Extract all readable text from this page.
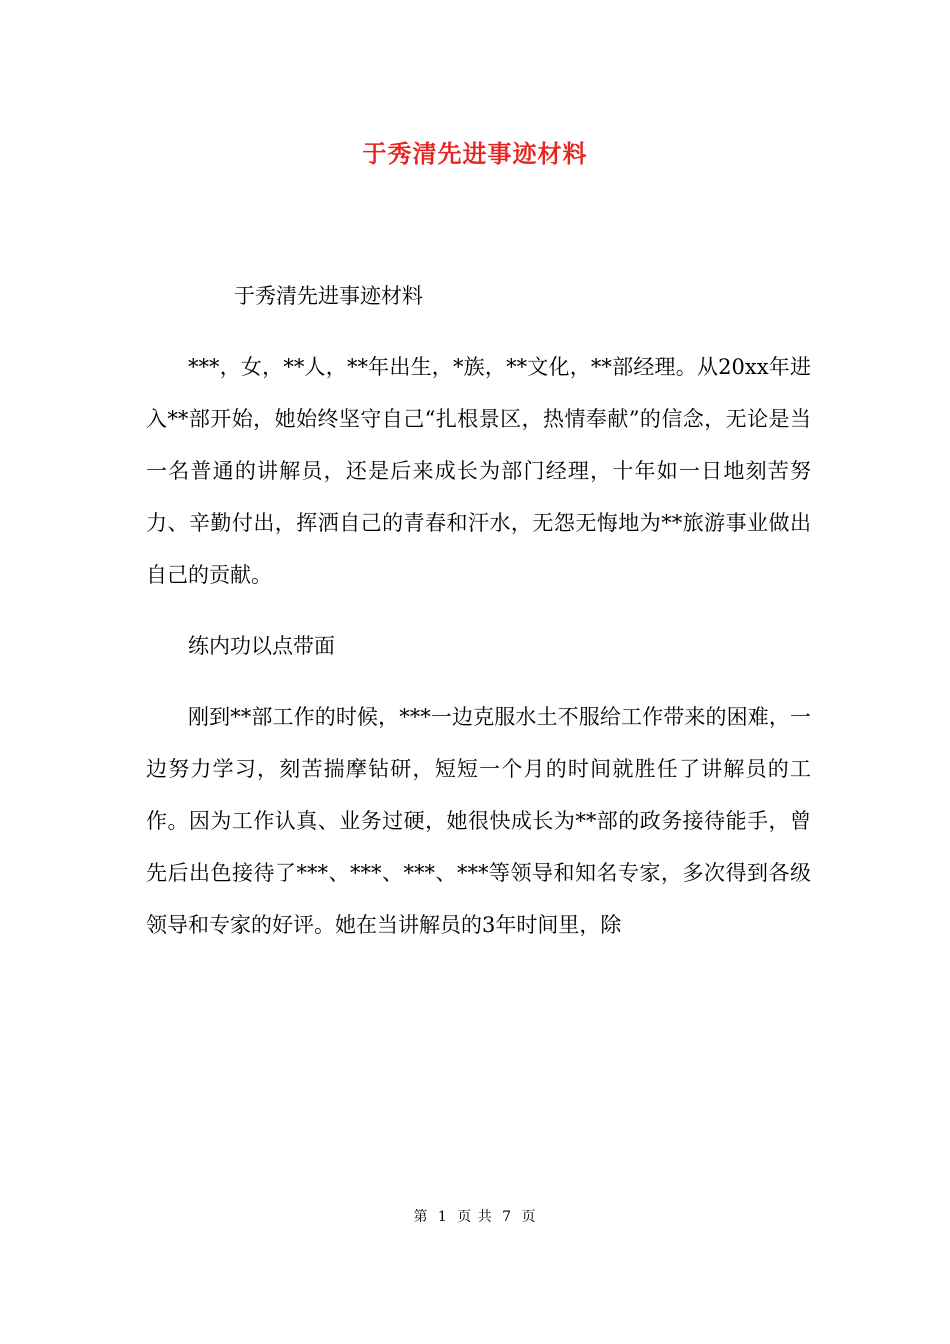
于秀清先进事迹材料

于秀清先进事迹材料

***，女，**人，**年出生，*族，**文化，**部经理。从20xx年进入**部开始，她始终坚守自己“扎根景区，热情奉献”的信念，无论是当一名普通的讲解员，还是后来成长为部门经理，十年如一日地刻苦努力、辛勤付出，挥洒自己的青春和汗水，无怨无悔地为**旅游事业做出自己的贡献。

练内功以点带面

刚到**部工作的时候，***一边克服水土不服给工作带来的困难，一边努力学习，刻苦揣摩钻研，短短一个月的时间就胜任了讲解员的工作。因为工作认真、业务过硬，她很快成长为**部的政务接待能手，曾先后出色接待了***、***、***、***等领导和知名专家，多次得到各级领导和专家的好评。她在当讲解员的3年时间里，除

第 1 页 共 7 页
